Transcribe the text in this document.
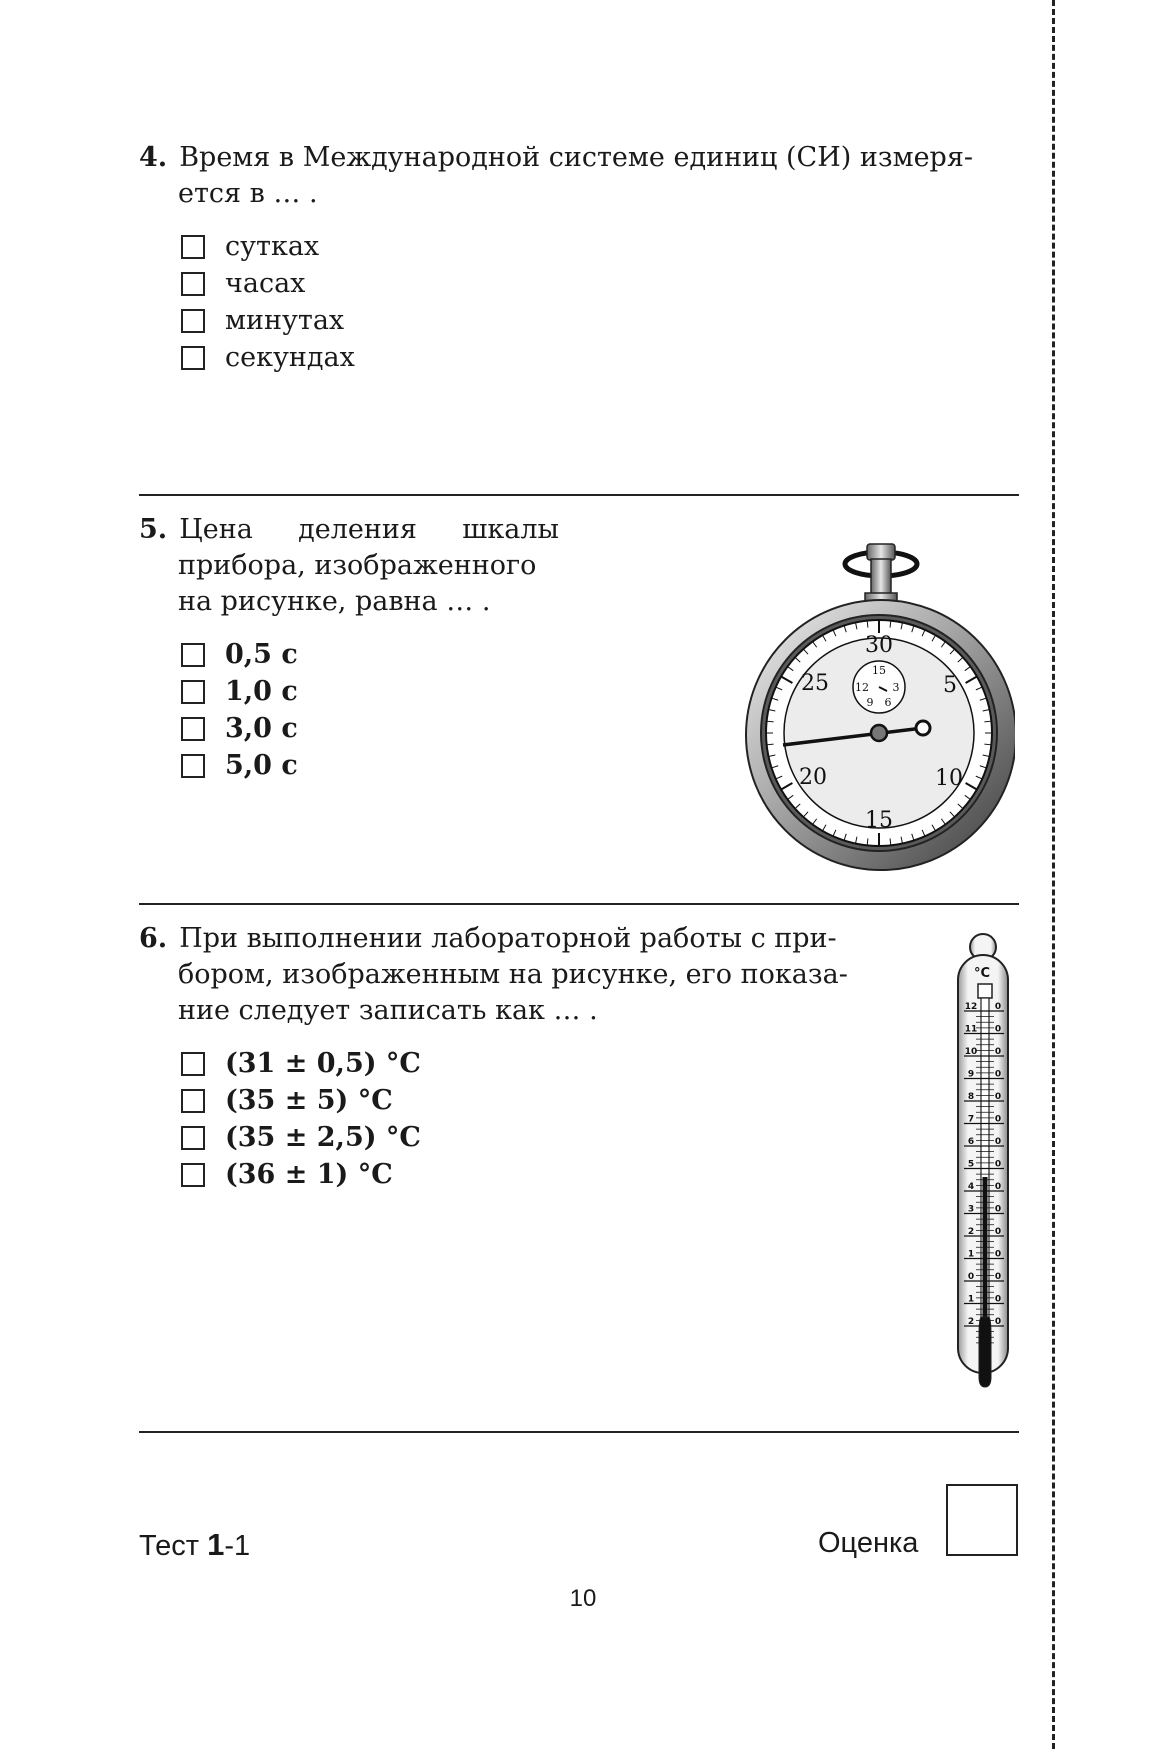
4. Время в Международной системе единиц (СИ) измеря-
ется в … .
сутках
часах
минутах
секундах
5. Цена деления шкалы
прибора, изображенного
на рисунке, равна … .
0,5 с
1,0 с
3,0 с
5,0 с
30
5
10
15
20
25
15
3
6
9
12
6. При выполнении лабораторной работы с при-
бором, изображенным на рисунке, его показа-
ние следует записать как … .
(31 ± 0,5) °С
(35 ± 5) °С
(35 ± 2,5) °С
(36 ± 1) °С
°С
12 0
11 0
10 0
9 0
8 0
7 0
6 0
5 0
4 0
3 0
2 0
1 0
0 0
1 0
2 0
Тест 1-1	Оценка
10
